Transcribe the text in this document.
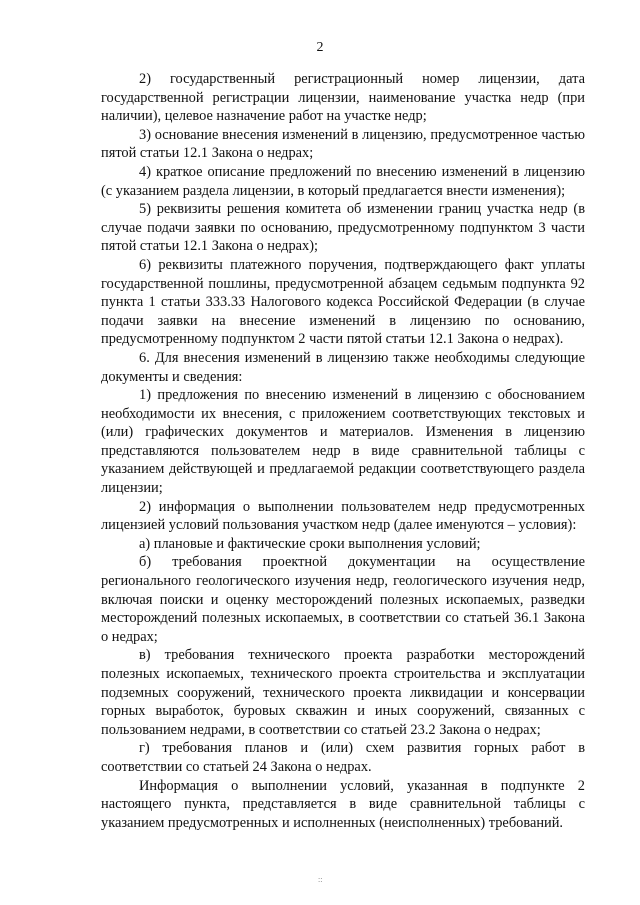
2

2) государственный регистрационный номер лицензии, дата государственной регистрации лицензии, наименование участка недр (при наличии), целевое назначение работ на участке недр;

3) основание внесения изменений в лицензию, предусмотренное частью пятой статьи 12.1 Закона о недрах;

4) краткое описание предложений по внесению изменений в лицензию (с указанием раздела лицензии, в который предлагается внести изменения);

5) реквизиты решения комитета об изменении границ участка недр (в случае подачи заявки по основанию, предусмотренному подпунктом 3 части пятой статьи 12.1 Закона о недрах);

6) реквизиты платежного поручения, подтверждающего факт уплаты государственной пошлины, предусмотренной абзацем седьмым подпункта 92 пункта 1 статьи 333.33 Налогового кодекса Российской Федерации (в случае подачи заявки на внесение изменений в лицензию по основанию, предусмотренному подпунктом 2 части пятой статьи 12.1 Закона о недрах).

6. Для внесения изменений в лицензию также необходимы следующие документы и сведения:

1) предложения по внесению изменений в лицензию с обоснованием необходимости их внесения, с приложением соответствующих текстовых и (или) графических документов и материалов. Изменения в лицензию представляются пользователем недр в виде сравнительной таблицы с указанием действующей и предлагаемой редакции соответствующего раздела лицензии;

2) информация о выполнении пользователем недр предусмотренных лицензией условий пользования участком недр (далее именуются – условия):

а) плановые и фактические сроки выполнения условий;

б) требования проектной документации на осуществление регионального геологического изучения недр, геологического изучения недр, включая поиски и оценку месторождений полезных ископаемых, разведки месторождений полезных ископаемых, в соответствии со статьей 36.1 Закона о недрах;

в) требования технического проекта разработки месторождений полезных ископаемых, технического проекта строительства и эксплуатации подземных сооружений, технического проекта ликвидации и консервации горных выработок, буровых скважин и иных сооружений, связанных с пользованием недрами, в соответствии со статьей 23.2 Закона о недрах;

г) требования планов и (или) схем развития горных работ в соответствии со статьей 24 Закона о недрах.

Информация о выполнении условий, указанная в подпункте 2 настоящего пункта, представляется в виде сравнительной таблицы с указанием предусмотренных и исполненных (неисполненных) требований.

::
